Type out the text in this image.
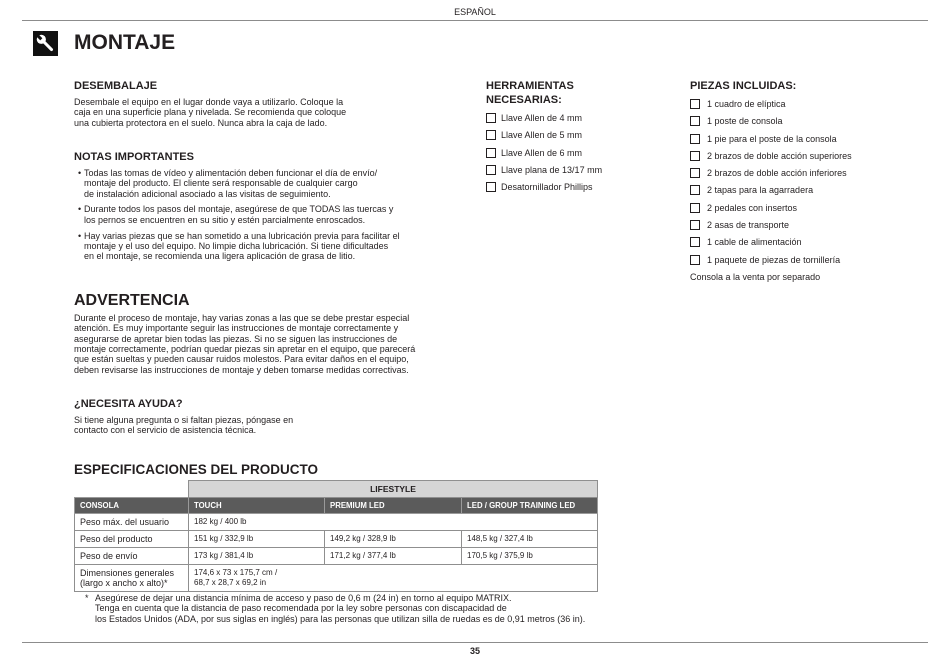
ESPAÑOL
MONTAJE
DESEMBALAJE
Desembale el equipo en el lugar donde vaya a utilizarlo. Coloque la
caja en una superficie plana y nivelada. Se recomienda que coloque
una cubierta protectora en el suelo. Nunca abra la caja de lado.
NOTAS IMPORTANTES
• Todas las tomas de vídeo y alimentación deben funcionar el día de envío/
montaje del producto. El cliente será responsable de cualquier cargo
de instalación adicional asociado a las visitas de seguimiento.
• Durante todos los pasos del montaje, asegúrese de que TODAS las tuercas y
los pernos se encuentren en su sitio y estén parcialmente enroscados.
• Hay varias piezas que se han sometido a una lubricación previa para facilitar el
montaje y el uso del equipo. No limpie dicha lubricación. Si tiene dificultades
en el montaje, se recomienda una ligera aplicación de grasa de litio.
ADVERTENCIA
Durante el proceso de montaje, hay varias zonas a las que se debe prestar especial
atención. Es muy importante seguir las instrucciones de montaje correctamente y
asegurarse de apretar bien todas las piezas. Si no se siguen las instrucciones de
montaje correctamente, podrían quedar piezas sin apretar en el equipo, que parecerá
que están sueltas y pueden causar ruidos molestos. Para evitar daños en el equipo,
deben revisarse las instrucciones de montaje y deben tomarse medidas correctivas.
¿NECESITA AYUDA?
Si tiene alguna pregunta o si faltan piezas, póngase en
contacto con el servicio de asistencia técnica.
ESPECIFICACIONES DEL PRODUCTO
	LIFESTYLE		
CONSOLA	TOUCH	PREMIUM LED	LED / GROUP TRAINING LED
Peso máx. del usuario	182 kg / 400 lb		
Peso del producto	151 kg / 332,9 lb	149,2 kg / 328,9 lb	148,5 kg / 327,4 lb
Peso de envío	173 kg / 381,4 lb	171,2 kg / 377,4 lb	170,5 kg / 375,9 lb

Dimensiones generales
(largo x ancho x alto)*	174,6 x 73 x 175,7 cm /
68,7 x 28,7 x 69,2 in		
* Asegúrese de dejar una distancia mínima de acceso y paso de 0,6 m (24 in) en torno al equipo MATRIX.
Tenga en cuenta que la distancia de paso recomendada por la ley sobre personas con discapacidad de
los Estados Unidos (ADA, por sus siglas en inglés) para las personas que utilizan silla de ruedas es de 0,91 metros (36 in).
HERRAMIENTAS
NECESARIAS:
Llave Allen de 4 mm
Llave Allen de 5 mm
Llave Allen de 6 mm
Llave plana de 13/17 mm
Desatornillador Phillips
PIEZAS INCLUIDAS:
1 cuadro de elíptica
1 poste de consola
1 pie para el poste de la consola
2 brazos de doble acción superiores
2 brazos de doble acción inferiores
2 tapas para la agarradera
2 pedales con insertos
2 asas de transporte
1 cable de alimentación
1 paquete de piezas de tornillería
Consola a la venta por separado
35
